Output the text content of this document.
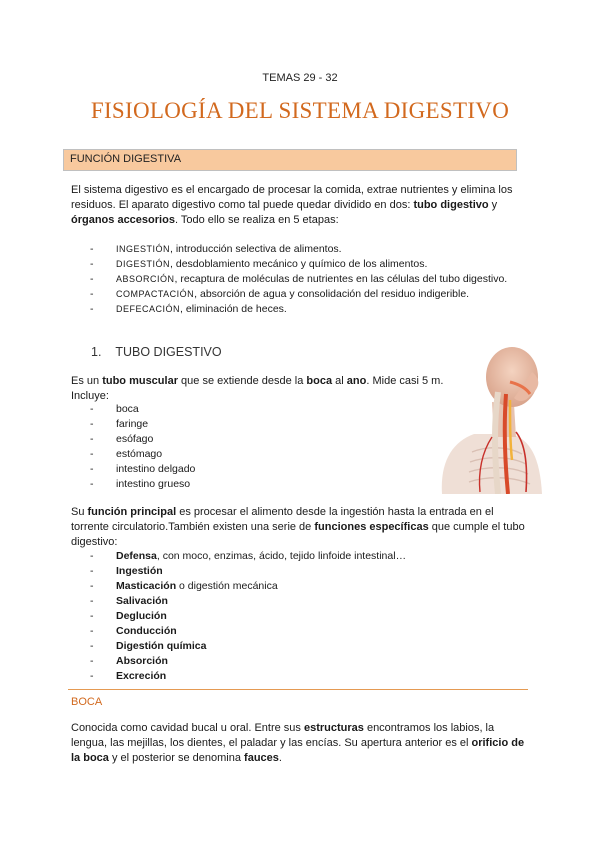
TEMAS 29 - 32
FISIOLOGÍA DEL SISTEMA DIGESTIVO
FUNCIÓN DIGESTIVA
El sistema digestivo es el encargado de procesar la comida, extrae nutrientes y elimina los residuos. El aparato digestivo como tal puede quedar dividido en dos: tubo digestivo y órganos accesorios. Todo ello se realiza en 5 etapas:
- INGESTIÓN, introducción selectiva de alimentos.
- DIGESTIÓN, desdoblamiento mecánico y químico de los alimentos.
- ABSORCIÓN, recaptura de moléculas de nutrientes en las células del tubo digestivo.
- COMPACTACIÓN, absorción de agua y consolidación del residuo indigerible.
- DEFECACIÓN, eliminación de heces.
1. TUBO DIGESTIVO
Es un tubo muscular que se extiende desde la boca al ano. Mide casi 5 m.
Incluye:
- boca
- faringe
- esófago
- estómago
- intestino delgado
- intestino grueso
Su función principal es procesar el alimento desde la ingestión hasta la entrada en el torrente circulatorio.También existen una serie de funciones específicas que cumple el tubo digestivo:
- Defensa, con moco, enzimas, ácido, tejido linfoide intestinal…
- Ingestión
- Masticación o digestión mecánica
- Salivación
- Deglución
- Conducción
- Digestión química
- Absorción
- Excreción
BOCA
Conocida como cavidad bucal u oral. Entre sus estructuras encontramos los labios, la lengua, las mejillas, los dientes, el paladar y las encías. Su apertura anterior es el orificio de la boca y el posterior se denomina fauces.
